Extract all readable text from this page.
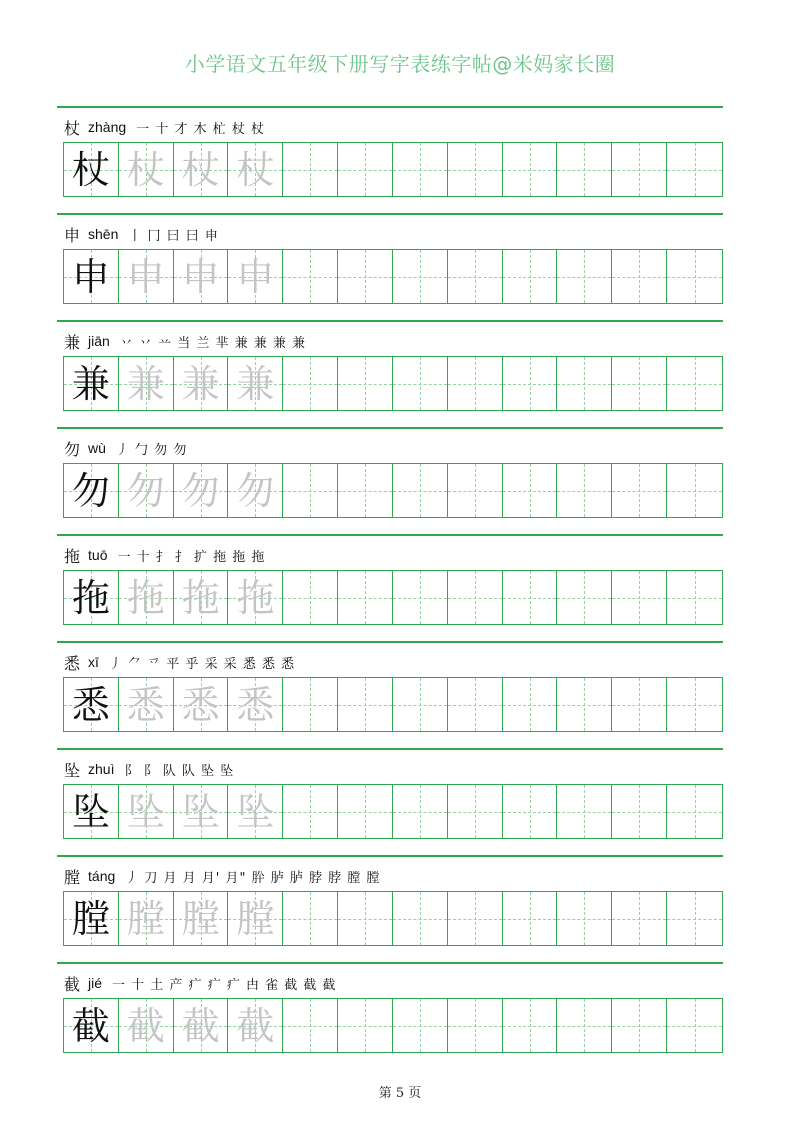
小学语文五年级下册写字表练字帖@米妈家长圈
杖 zhàng 一 十 才 木 杧 杖 杖
杖 杖 杖 杖
申 shēn 丨 冂 曰 曰 申
申 申 申 申
兼 jiān 丷 丷 䒑 当 兰 芈 兼 兼 兼 兼
兼 兼 兼 兼
勿 wù 丿 勹 勿 勿
勿 勿 勿 勿
拖 tuō 一 十 扌 扌 扩 拖 拖 拖
拖 拖 拖 拖
悉 xī 丿 ⺈ 乊 平 乎 采 采 悉 悉 悉
悉 悉 悉 悉
坠 zhuì 阝 阝 队 队 坠 坠
坠 坠 坠 坠
膛 táng 丿 刀 月 月 月' 月" 肸 胪 胪 脖 脖 膛 膛
膛 膛 膛 膛
截 jié 一 十 土 产 疒 疒 疒 甴 雀 截 截 截
截 截 截 截
第 5 页
